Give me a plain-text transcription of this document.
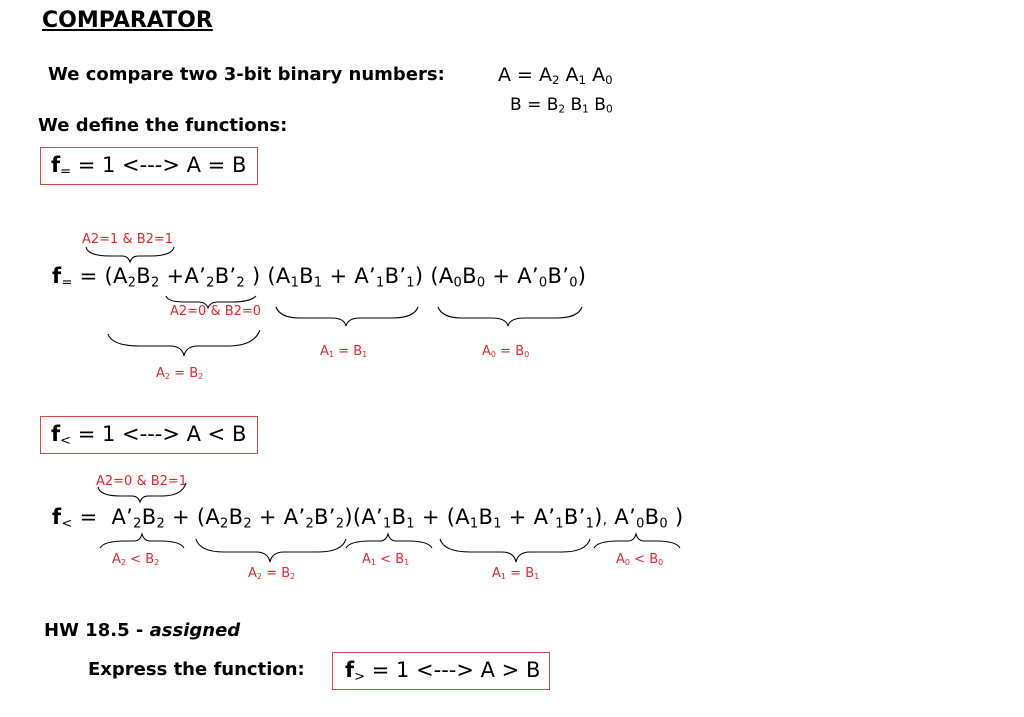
COMPARATOR
We compare two 3-bit binary numbers:	$A = A_2$ $A_1$ $A_0$
$B = B_2$ $B_1$ $B_0$
We define the functions:
$f_= = 1$ <---> A = B
A2=1 & B2=1
$f_= = (A_2B_2$ $+A’_2B’_2$ ) ($A_1B_1$ + $A’_1B’_1$) ($A_0B_0$ + $A’_0B’_0$)
A2=0 & B2=0
$A_1 = B_1$	$A_0 = B_0$
$A_2 = B_2$
$f_< = 1$ <---> A < B
A2=0 & B2=1
$f_<$ =  $A’_2B_2 + (A_2B_2$ + $A’_2B’_2)(A’_1B_1 + (A_1B_1$ + $A’_1B’_1$), $A’_0B_0$ )
$A_2 < B_2$
$A_2 = B_2$
$A_1 < B_1$
$A_1 = B_1$
$A_0 < B_0$
HW 18.5 - assigned
Express the function: $f_> = 1$ <---> A > B
